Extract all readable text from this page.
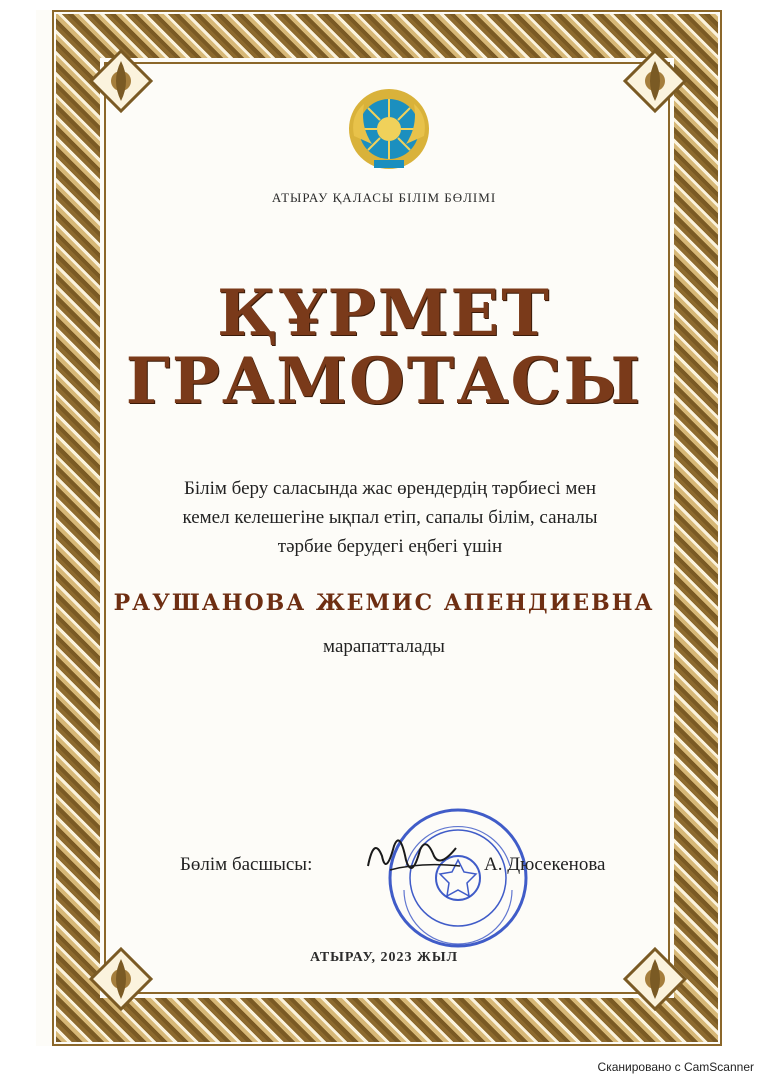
АТЫРАУ ҚАЛАСЫ БІЛІМ БӨЛІМІ
ҚҰРМЕТ
ГРАМОТАСЫ
Білім беру саласында жас өрендердің тәрбиесі мен
кемел келешегіне ықпал етіп, сапалы білім, саналы
тәрбие берудегі еңбегі үшін
РАУШАНОВА ЖЕМИС АПЕНДИЕВНА
марапатталады
Бөлім басшысы:	А. Дюсекенова
АТЫРАУ, 2023 ЖЫЛ
Сканировано с CamScanner
